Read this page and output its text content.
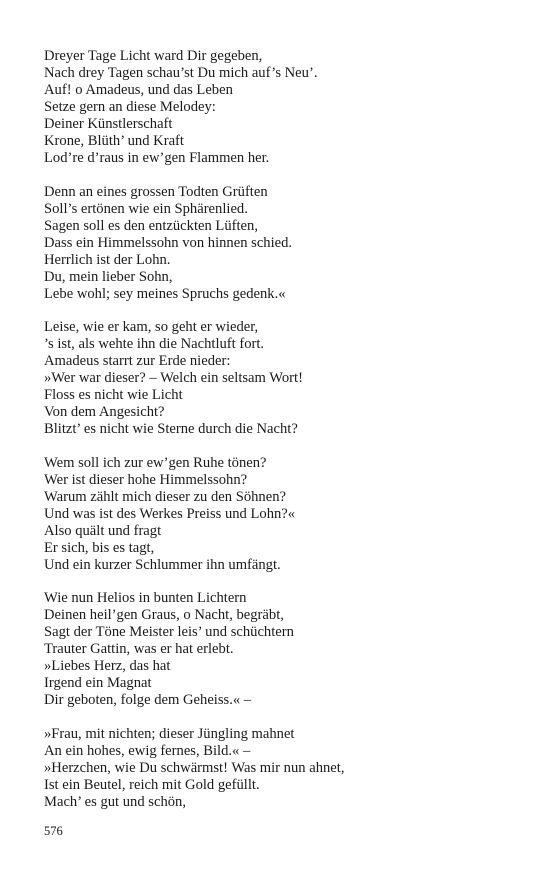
Dreyer Tage Licht ward Dir gegeben,
Nach drey Tagen schau’st Du mich auf’s Neu’.
Auf! o Amadeus, und das Leben
Setze gern an diese Melodey:
Deiner Künstlerschaft
Krone, Blüth’ und Kraft
Lod’re d’raus in ew’gen Flammen her.
Denn an eines grossen Todten Grüften
Soll’s ertönen wie ein Sphärenlied.
Sagen soll es den entzückten Lüften,
Dass ein Himmelssohn von hinnen schied.
Herrlich ist der Lohn.
Du, mein lieber Sohn,
Lebe wohl; sey meines Spruchs gedenk.«
Leise, wie er kam, so geht er wieder,
’s ist, als wehte ihn die Nachtluft fort.
Amadeus starrt zur Erde nieder:
»Wer war dieser? – Welch ein seltsam Wort!
Floss es nicht wie Licht
Von dem Angesicht?
Blitzt’ es nicht wie Sterne durch die Nacht?
Wem soll ich zur ew’gen Ruhe tönen?
Wer ist dieser hohe Himmelssohn?
Warum zählt mich dieser zu den Söhnen?
Und was ist des Werkes Preiss und Lohn?«
Also quält und fragt
Er sich, bis es tagt,
Und ein kurzer Schlummer ihn umfängt.
Wie nun Helios in bunten Lichtern
Deinen heil’gen Graus, o Nacht, begräbt,
Sagt der Töne Meister leis’ und schüchtern
Trauter Gattin, was er hat erlebt.
»Liebes Herz, das hat
Irgend ein Magnat
Dir geboten, folge dem Geheiss.« –
»Frau, mit nichten; dieser Jüngling mahnet
An ein hohes, ewig fernes, Bild.« –
»Herzchen, wie Du schwärmst! Was mir nun ahnet,
Ist ein Beutel, reich mit Gold gefüllt.
Mach’ es gut und schön,
576
